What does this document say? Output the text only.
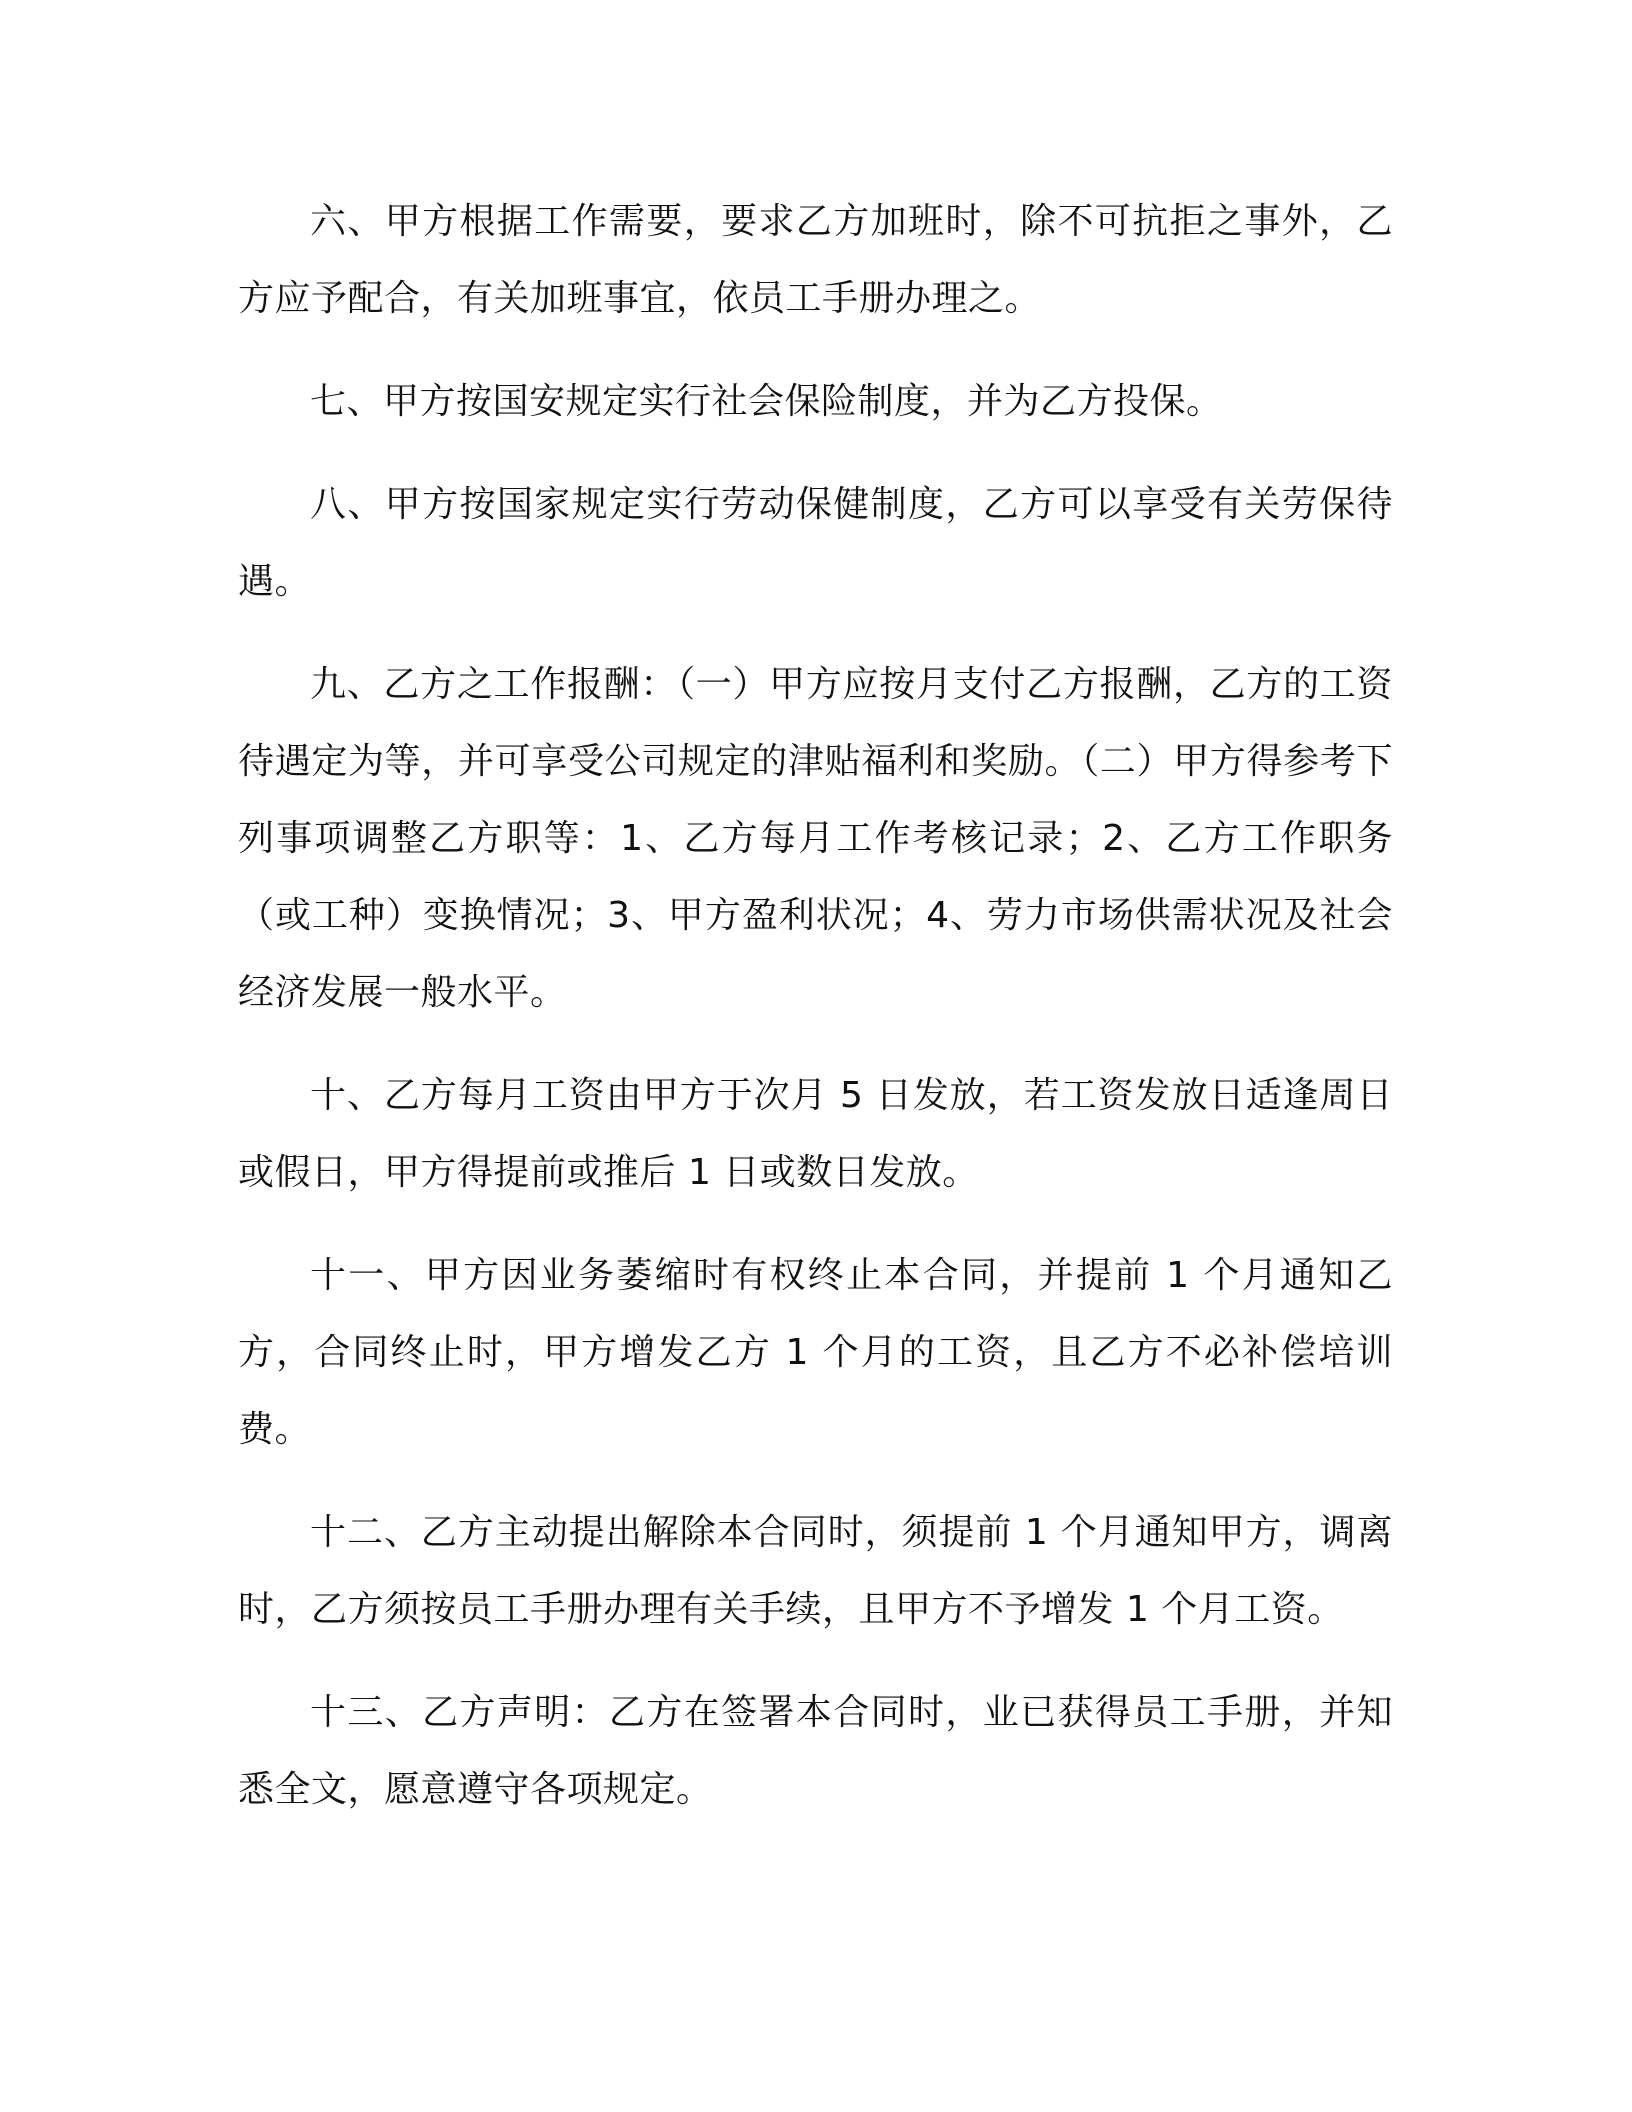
六、甲方根据工作需要，要求乙方加班时，除不可抗拒之事外，乙方应予配合，有关加班事宜，依员工手册办理之。

七、甲方按国安规定实行社会保险制度，并为乙方投保。

八、甲方按国家规定实行劳动保健制度，乙方可以享受有关劳保待遇。

九、乙方之工作报酬：（一）甲方应按月支付乙方报酬，乙方的工资待遇定为等，并可享受公司规定的津贴福利和奖励。（二）甲方得参考下列事项调整乙方职等：1、乙方每月工作考核记录；2、乙方工作职务（或工种）变换情况；3、甲方盈利状况；4、劳力市场供需状况及社会经济发展一般水平。

十、乙方每月工资由甲方于次月 5 日发放，若工资发放日适逢周日或假日，甲方得提前或推后 1 日或数日发放。

十一、甲方因业务萎缩时有权终止本合同，并提前 1 个月通知乙方，合同终止时，甲方增发乙方 1 个月的工资，且乙方不必补偿培训费。

十二、乙方主动提出解除本合同时，须提前 1 个月通知甲方，调离时，乙方须按员工手册办理有关手续，且甲方不予增发 1 个月工资。

十三、乙方声明：乙方在签署本合同时，业已获得员工手册，并知悉全文，愿意遵守各项规定。
